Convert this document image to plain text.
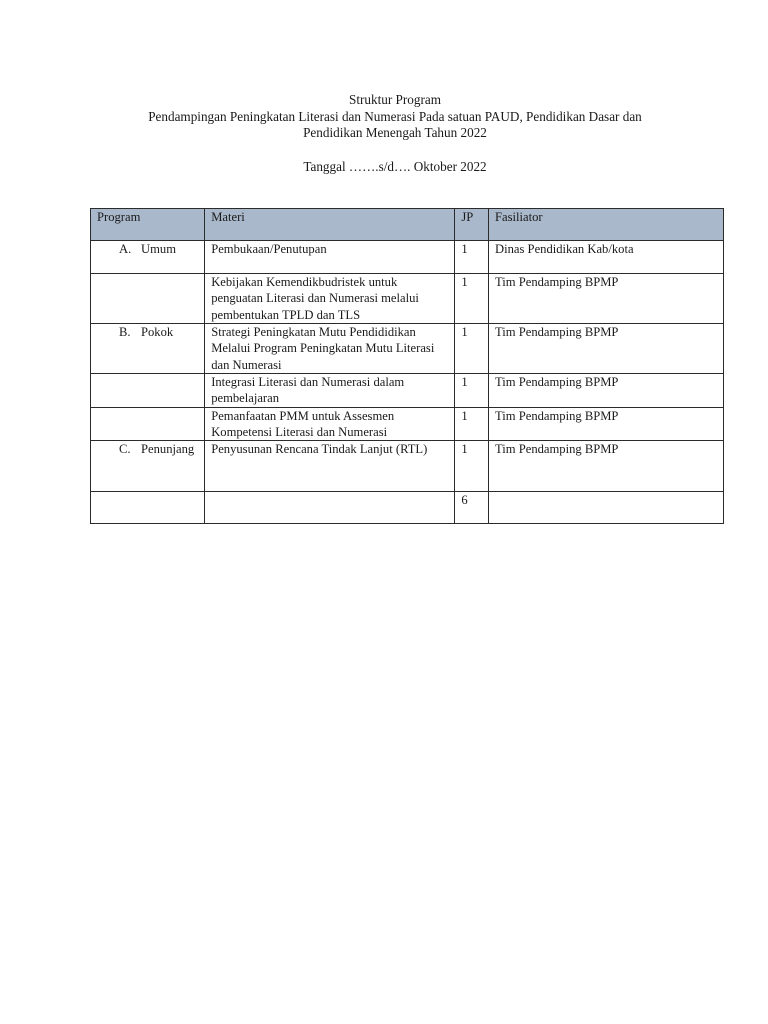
Struktur Program
Pendampingan Peningkatan Literasi dan Numerasi Pada satuan PAUD, Pendidikan Dasar dan
Pendidikan Menengah Tahun 2022
Tanggal …….s/d…. Oktober 2022
Program	Materi	JP	Fasiliator

A. Umum	Pembukaan/Penutupan	1	Dinas Pendidikan Kab/kota

	Kebijakan Kemendikbudristek untuk penguatan Literasi dan Numerasi melalui pembentukan TPLD dan TLS	1	Tim Pendamping BPMP

B. Pokok	Strategi Peningkatan Mutu Pendididikan Melalui Program Peningkatan Mutu Literasi dan Numerasi	1	Tim Pendamping BPMP

	Integrasi Literasi dan Numerasi dalam pembelajaran	1	Tim Pendamping BPMP

	Pemanfaatan PMM untuk Assesmen Kompetensi Literasi dan Numerasi	1	Tim Pendamping BPMP

C. Penunjang	Penyusunan Rencana Tindak Lanjut (RTL)	1	Tim Pendamping BPMP

		6	
